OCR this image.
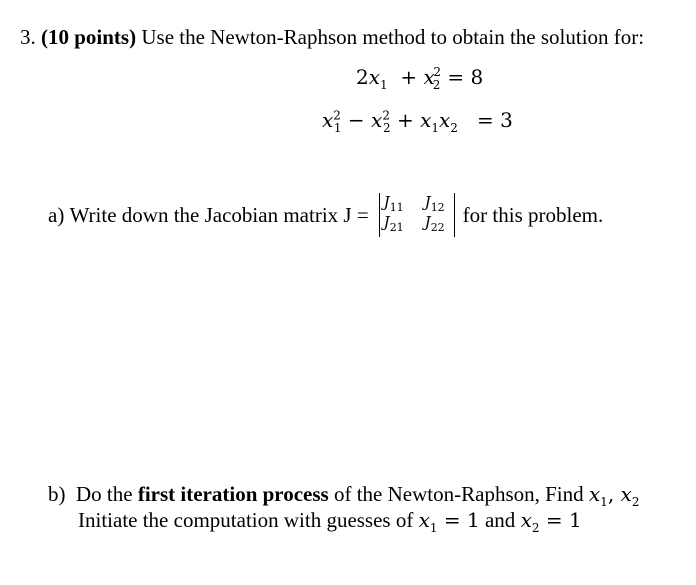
3. (10 points) Use the Newton-Raphson method to obtain the solution for:
$2x_1 + x_2^2 = 8$
$x^2_1 - x^2_2 + x_1x_2 = 3$
a)
Write down the Jacobian matrix J =
$J_{11}$ $J_{12}$
$J_{21}$ $J_{22}$
for this problem.
b) Do the first iteration process of the Newton-Raphson, Find $x_1$, $x_2$
Initiate the computation with guesses of $x_1 = 1$ and $x_2 = 1$
